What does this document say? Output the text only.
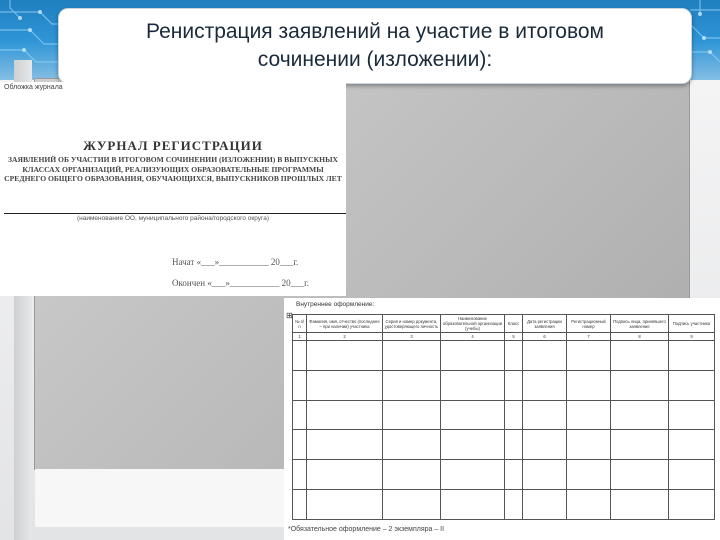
Ренистрация заявлений на участие в итоговом
сочинении (изложении):
Обложка журнала
ЖУРНАЛ РЕГИСТРАЦИИ
ЗАЯВЛЕНИЙ ОБ УЧАСТИИ В ИТОГОВОМ СОЧИНЕНИИ (ИЗЛОЖЕНИИ) В ВЫПУСКНЫХ КЛАССАХ ОРГАНИЗАЦИЙ, РЕАЛИЗУЮЩИХ ОБРАЗОВАТЕЛЬНЫЕ ПРОГРАММЫ СРЕДНЕГО ОБЩЕГО ОБРАЗОВАНИЯ, ОБУЧАЮЩИХСЯ, ВЫПУСКНИКОВ ПРОШЛЫХ ЛЕТ
(наименование ОО, муниципального района/городского округа)
Начат «___»___________ 20___г.
Окончен «___»___________ 20___г.
Внутреннее оформление:
⊞
№ п/п	Фамилия, имя, отчество (последнее – при наличии) участника	Серия и номер документа, удостоверяющего личность	Наименование образовательной организации (учебы)	Класс	Дата регистрации заявления	Регистрационный номер	Подпись лица, принявшего заявление	Подпись участника
1	2	3	4	5	6	7	8	9

*Обязательное оформление – 2 экземпляра – II
